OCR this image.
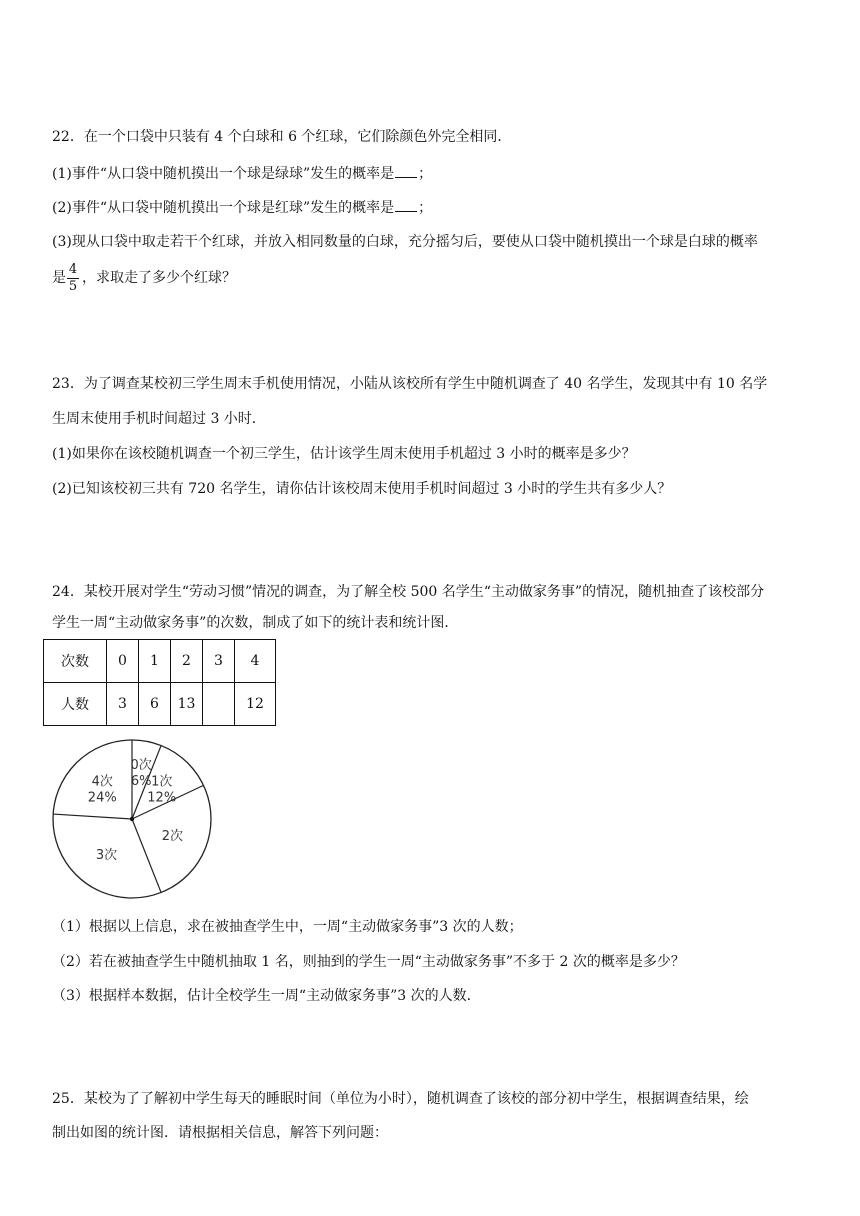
22．在一个口袋中只装有 4 个白球和 6 个红球，它们除颜色外完全相同．
(1)事件“从口袋中随机摸出一个球是绿球”发生的概率是 ；
(2)事件“从口袋中随机摸出一个球是红球”发生的概率是 ；
(3)现从口袋中取走若干个红球，并放入相同数量的白球，充分摇匀后，要使从口袋中随机摸出一个球是白球的概率
是
4
5
，求取走了多少个红球？
23．为了调查某校初三学生周末手机使用情况，小陆从该校所有学生中随机调查了 40 名学生，发现其中有 10 名学
生周末使用手机时间超过 3 小时．
(1)如果你在该校随机调查一个初三学生，估计该学生周末使用手机超过 3 小时的概率是多少？
(2)已知该校初三共有 720 名学生，请你估计该校周末使用手机时间超过 3 小时的学生共有多少人？
24．某校开展对学生“劳动习惯”情况的调查，为了解全校 500 名学生“主动做家务事”的情况，随机抽查了该校部分
学生一周“主动做家务事”的次数，制成了如下的统计表和统计图．
次数	0	1	2	3	4
人数	3	6	13		12
0次
6% 1次
12%
2次
3次
4次
24%
（1）根据以上信息，求在被抽查学生中，一周“主动做家务事”3 次的人数；
（2）若在被抽查学生中随机抽取 1 名，则抽到的学生一周“主动做家务事”不多于 2 次的概率是多少？
（3）根据样本数据，估计全校学生一周“主动做家务事”3 次的人数．
25．某校为了了解初中学生每天的睡眠时间（单位为小时），随机调查了该校的部分初中学生，根据调查结果，绘
制出如图的统计图．请根据相关信息，解答下列问题：
